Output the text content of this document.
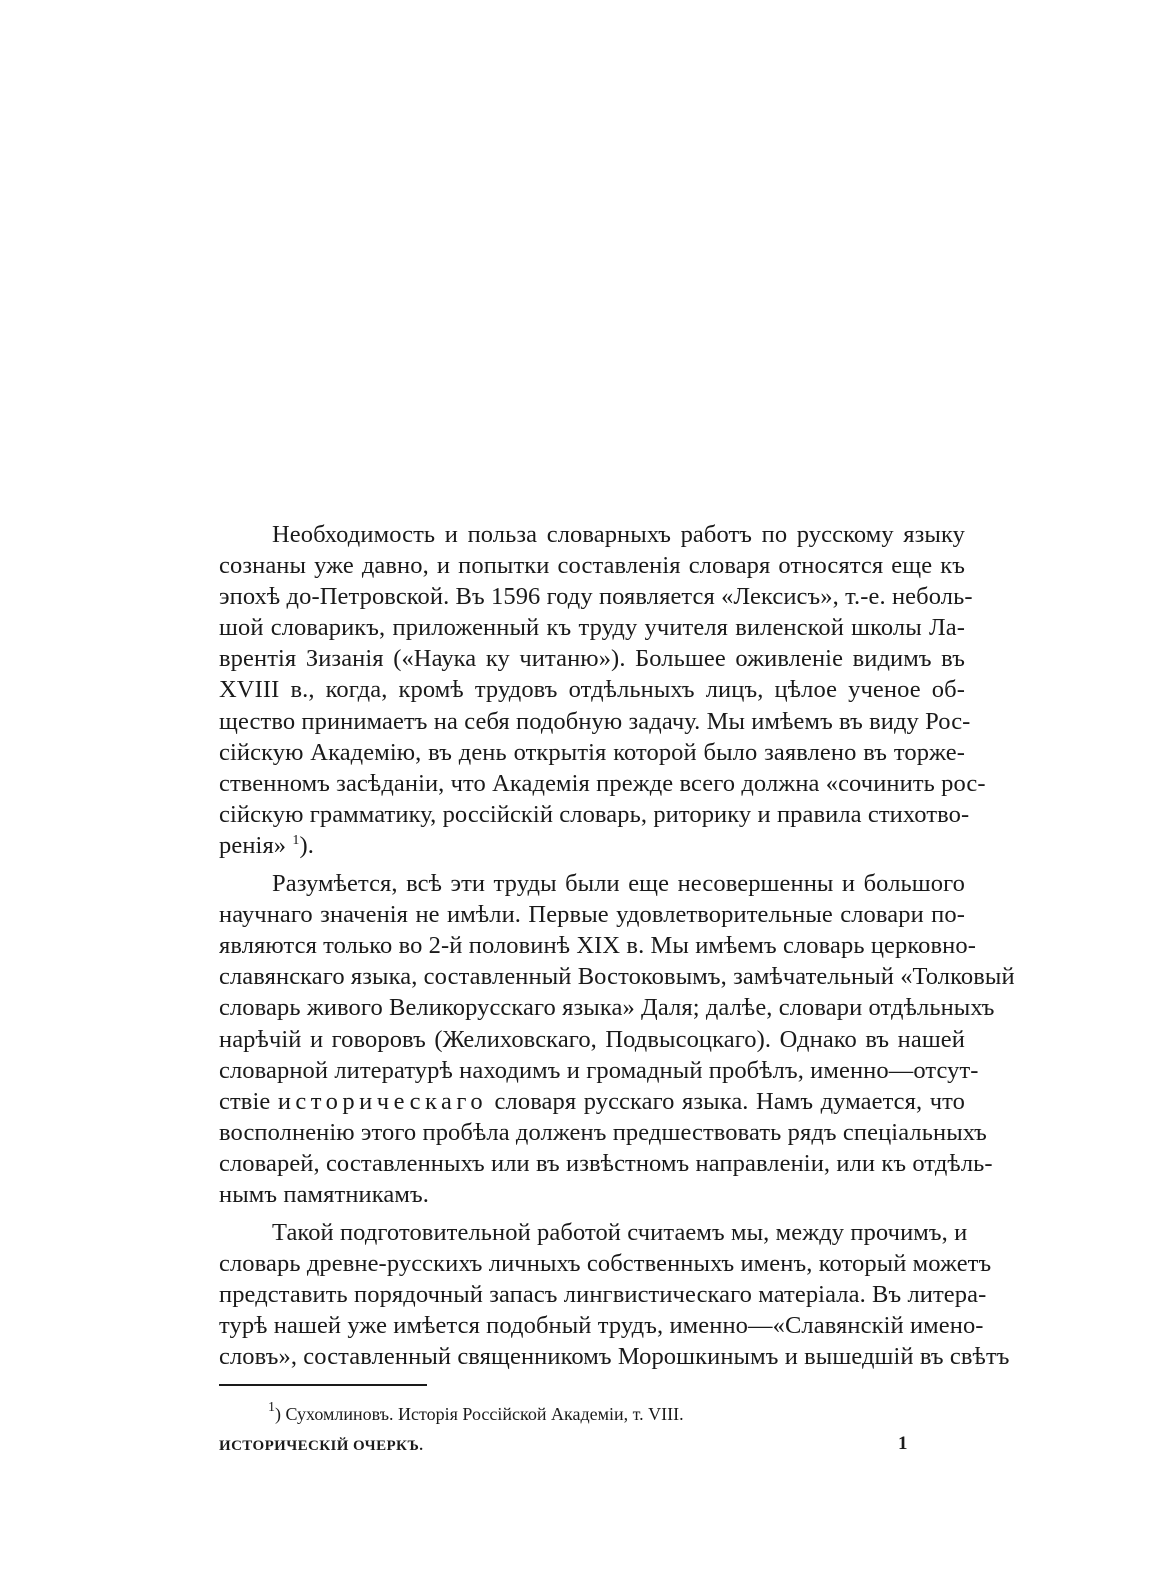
Необходимость и польза словарныхъ работъ по русскому языку
сознаны уже давно, и попытки составленія словаря относятся еще къ
эпохѣ до-Петровской. Въ 1596 году появляется «Лексисъ», т.-е. неболь-
шой словарикъ, приложенный къ труду учителя виленской школы Ла-
врентія Зизанія («Наука ку читаню»). Большее оживленіе видимъ въ
XVIII в., когда, кромѣ трудовъ отдѣльныхъ лицъ, цѣлое ученое об-
щество принимаетъ на себя подобную задачу. Мы имѣемъ въ виду Рос-
сійскую Академію, въ день открытія которой было заявлено въ торже-
ственномъ засѣданіи, что Академія прежде всего должна «сочинить рос-
сійскую грамматику, россійскій словарь, риторику и правила стихотво-
ренія» $^1$).
Разумѣется, всѣ эти труды были еще несовершенны и большого
научнаго значенія не имѣли. Первые удовлетворительные словари по-
являются только во 2-й половинѣ XIX в. Мы имѣемъ словарь церковно-
славянскаго языка, составленный Востоковымъ, замѣчательный «Толковый
словарь живого Великорусскаго языка» Даля; далѣе, словари отдѣльныхъ
нарѣчій и говоровъ (Желиховскаго, Подвысоцкаго). Однако въ нашей
словарной литературѣ находимъ и громадный пробѣлъ, именно—отсут-
ствіе историческаго словаря русскаго языка. Намъ думается, что
восполненію этого пробѣла долженъ предшествовать рядъ спеціальныхъ
словарей, составленныхъ или въ извѣстномъ направленіи, или къ отдѣль-
нымъ памятникамъ.
Такой подготовительной работой считаемъ мы, между прочимъ, и
словарь древне-русскихъ личныхъ собственныхъ именъ, который можетъ
представить порядочный запасъ лингвистическаго матеріала. Въ литера-
турѣ нашей уже имѣется подобный трудъ, именно—«Славянскій имено-
словъ», составленный священникомъ Морошкинымъ и вышедшій въ свѣтъ
$^1$) Сухомлиновъ. Исторія Россійской Академіи, т. VIII.
ИСТОРИЧЕСКІЙ ОЧЕРКЪ.	1
